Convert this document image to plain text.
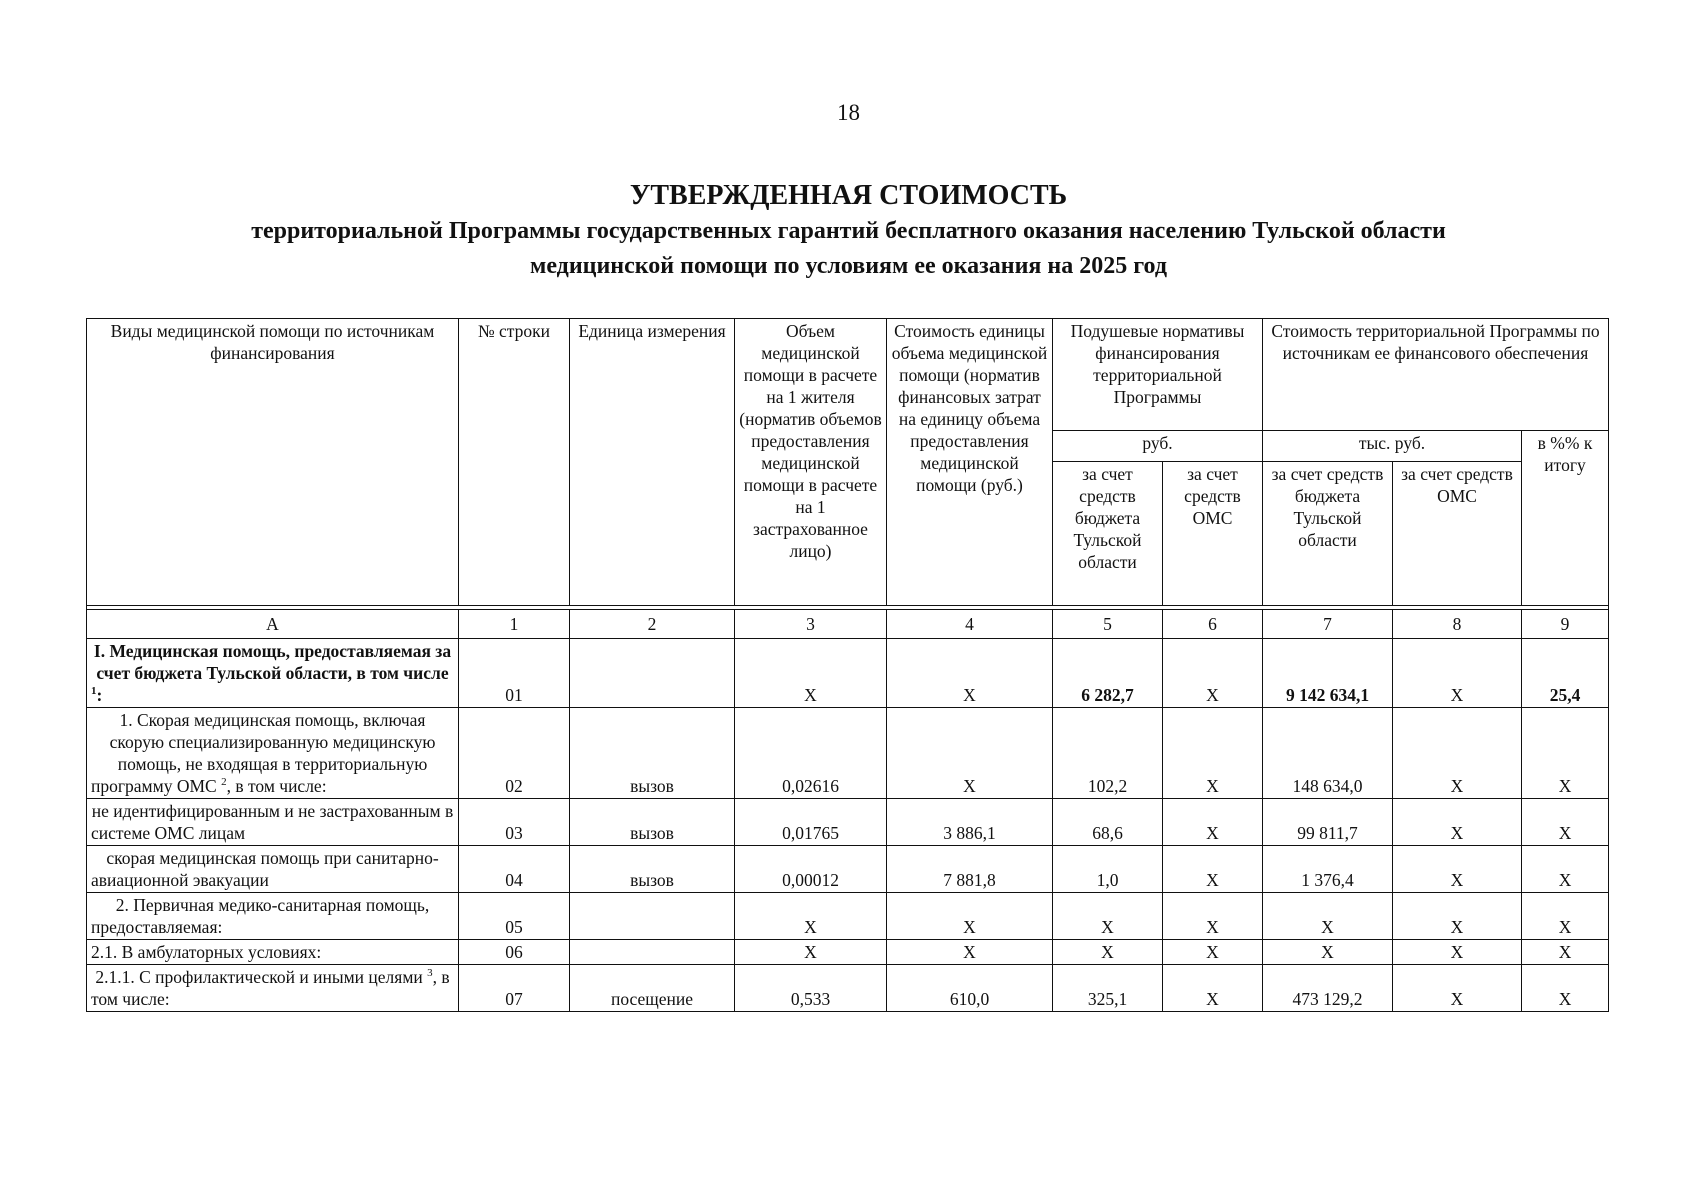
18
УТВЕРЖДЕННАЯ СТОИМОСТЬ
территориальной Программы государственных гарантий бесплатного оказания населению Тульской области
медицинской помощи по условиям ее оказания на 2025 год
Виды медицинской помощи по источникам финансирования	№ строки	Единица измерения	Объем медицинской помощи в расчете на 1 жителя (норматив объемов предоставления медицинской помощи в расчете на 1 застрахованное лицо)	Стоимость единицы объема медицинской помощи (норматив финансовых затрат на единицу объема предоставления медицинской помощи (руб.)	Подушевые нормативы финансирования территориальной Программы		Стоимость территориальной Программы по источникам ее финансового обеспечения		
					руб.		тыс. руб.		в %% к итогу
					за счет средств бюджета Тульской области	за счет средств ОМС	за счет средств бюджета Тульской области	за счет средств ОМС	

А	1	2	3	4	5	6	7	8	9
I. Медицинская помощь, предоставляемая за счет бюджета Тульской области, в том числе $^1$:	01		Х	Х	6 282,7	Х	9 142 634,1	Х	25,4
1. Скорая медицинская помощь, включая скорую специализированную медицинскую помощь, не входящая в территориальную программу ОМС $^2$, в том числе:	02	вызов	0,02616	Х	102,2	Х	148 634,0	Х	Х
не идентифицированным и не застрахованным в системе ОМС лицам	03	вызов	0,01765	3 886,1	68,6	Х	99 811,7	Х	Х
скорая медицинская помощь при санитарно-авиационной эвакуации	04	вызов	0,00012	7 881,8	1,0	Х	1 376,4	Х	Х
2. Первичная медико-санитарная помощь, предоставляемая:	05		Х	Х	Х	Х	Х	Х	Х
2.1. В амбулаторных условиях:	06		Х	Х	Х	Х	Х	Х	Х
2.1.1. С профилактической и иными целями $^3$, в том числе:	07	посещение	0,533	610,0	325,1	Х	473 129,2	Х	Х
